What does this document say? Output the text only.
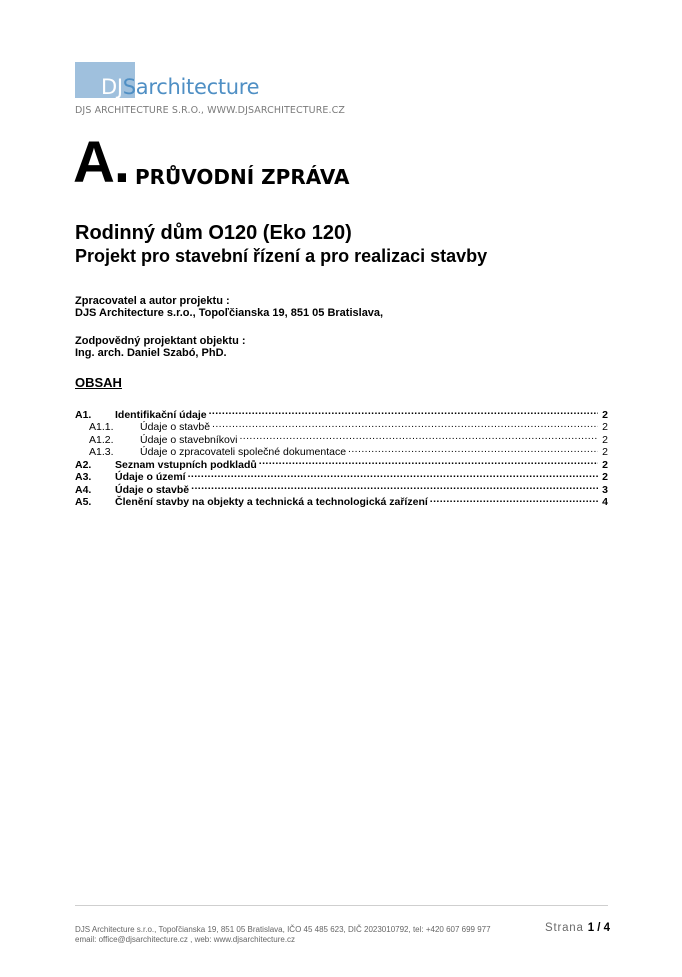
DJSarchitecture
DJS ARCHITECTURE S.R.O., WWW.DJSARCHITECTURE.CZ
A. PRŮVODNÍ ZPRÁVA
Rodinný dům O120 (Eko 120)
Projekt pro stavební řízení a pro realizaci stavby
Zpracovatel a autor projektu :
DJS Architecture s.r.o., Topoľčianska 19, 851 05 Bratislava,
Zodpovědný projektant objektu :
Ing. arch. Daniel Szabó, PhD.
OBSAH
A1.	Identifikační údaje .....	2
A1.1.	Údaje o stavbě .....	2
A1.2.	Údaje o stavebníkovi .....	2
A1.3.	Údaje o zpracovateli společné dokumentace .....	2
A2.	Seznam vstupních podkladů .....	2
A3.	Údaje o území .....	2
A4.	Údaje o stavbě .....	3
A5.	Členění stavby na objekty a technická a technologická zařízení .....	4
DJS Architecture s.r.o., Topoľčianska 19, 851 05 Bratislava, IČO 45 485 623, DIČ 2023010792, tel: +420 607 699 977
email: office@djsarchitecture.cz , web: www.djsarchitecture.cz
Strana 1 / 4
